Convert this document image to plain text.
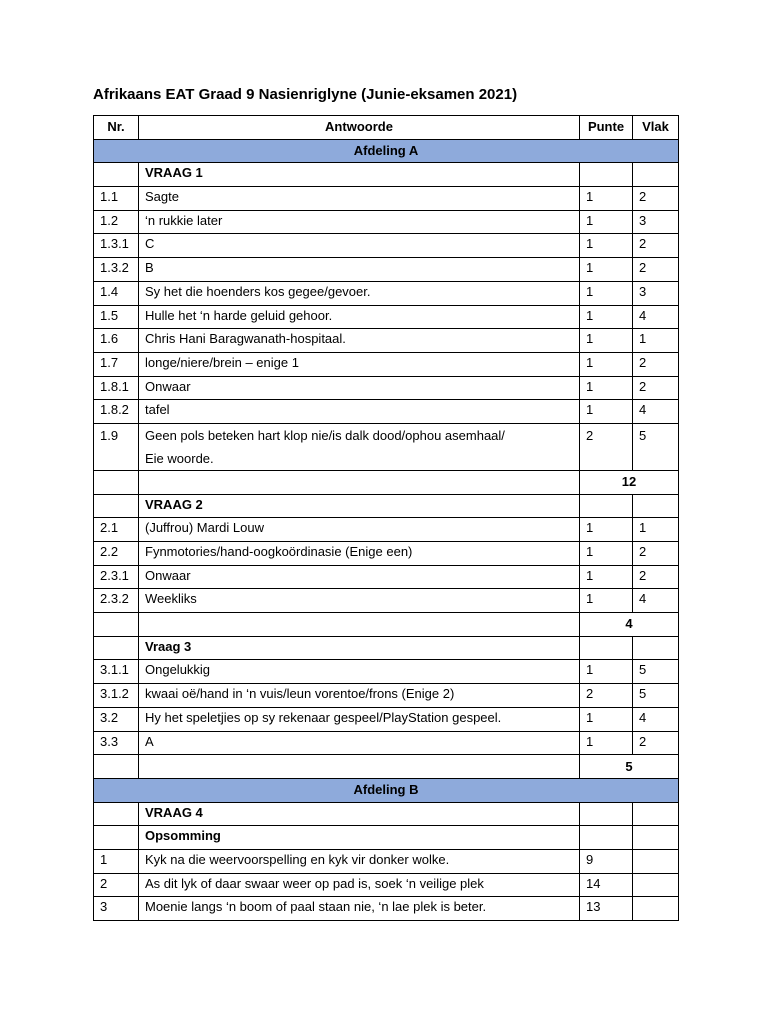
Afrikaans EAT Graad 9 Nasienriglyne (Junie-eksamen 2021)
Nr.	Antwoorde	Punte	Vlak
Afdeling A			
	VRAAG 1		
1.1	Sagte	1	2
1.2	‘n rukkie later	1	3
1.3.1	C	1	2
1.3.2	B	1	2
1.4	Sy het die hoenders kos gegee/gevoer.	1	3
1.5	Hulle het ‘n harde geluid gehoor.	1	4
1.6	Chris Hani Baragwanath-hospitaal.	1	1
1.7	longe/niere/brein – enige 1	1	2
1.8.1	Onwaar	1	2
1.8.2	tafel	1	4
1.9	Geen pols beteken hart klop nie/is dalk dood/ophou asemhaal/
Eie woorde.	2	5
		12	
	VRAAG 2		
2.1	(Juffrou) Mardi Louw	1	1
2.2	Fynmotories/hand-oogkoördinasie (Enige een)	1	2
2.3.1	Onwaar	1	2
2.3.2	Weekliks	1	4
		4	
	Vraag 3		
3.1.1	Ongelukkig	1	5
3.1.2	kwaai oë/hand in ‘n vuis/leun vorentoe/frons (Enige 2)	2	5
3.2	Hy het speletjies op sy rekenaar gespeel/PlayStation gespeel.	1	4
3.3	A	1	2
		5	
Afdeling B			
	VRAAG 4		
	Opsomming		
1	Kyk na die weervoorspelling en kyk vir donker wolke.	9	
2	As dit lyk of daar swaar weer op pad is, soek ‘n veilige plek	14	
3	Moenie langs ‘n boom of paal staan nie, ‘n lae plek is beter.	13	
